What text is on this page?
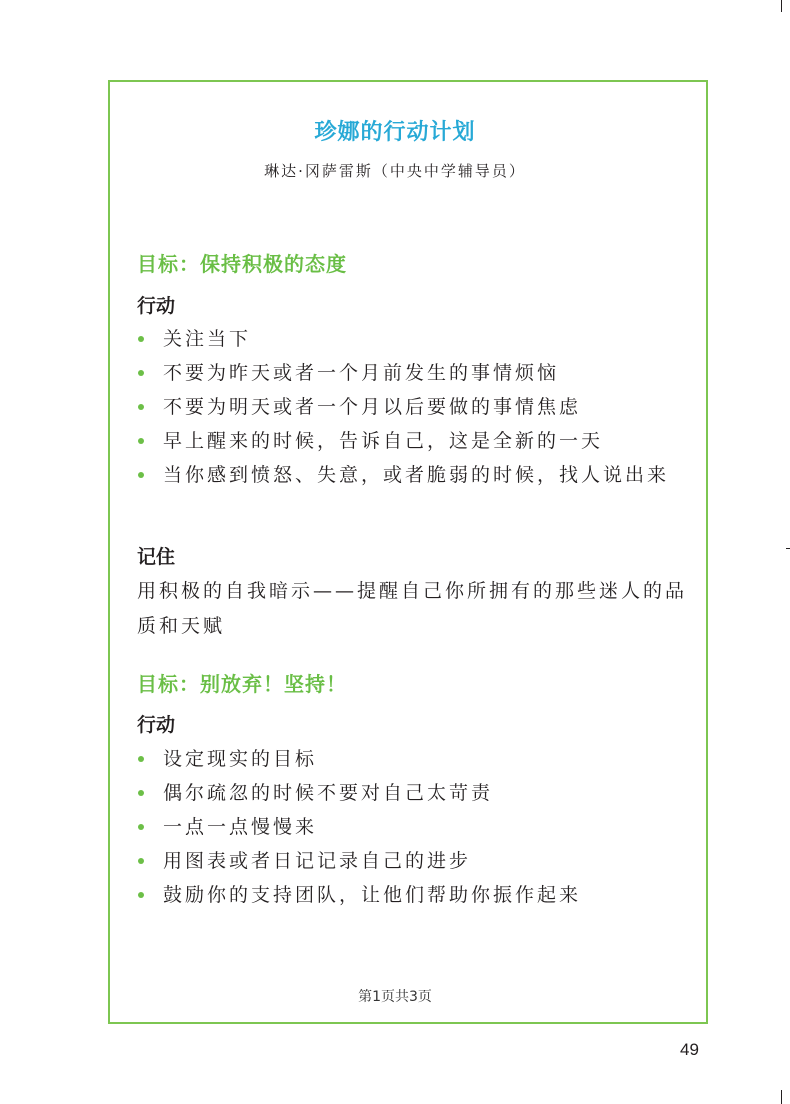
珍娜的行动计划
琳达·冈萨雷斯（中央中学辅导员）
目标：保持积极的态度
行动
关注当下
不要为昨天或者一个月前发生的事情烦恼
不要为明天或者一个月以后要做的事情焦虑
早上醒来的时候，告诉自己，这是全新的一天
当你感到愤怒、失意，或者脆弱的时候，找人说出来
记住
用积极的自我暗示——提醒自己你所拥有的那些迷人的品质和天赋
目标：别放弃！坚持！
行动
设定现实的目标
偶尔疏忽的时候不要对自己太苛责
一点一点慢慢来
用图表或者日记记录自己的进步
鼓励你的支持团队，让他们帮助你振作起来
第1页共3页
49
